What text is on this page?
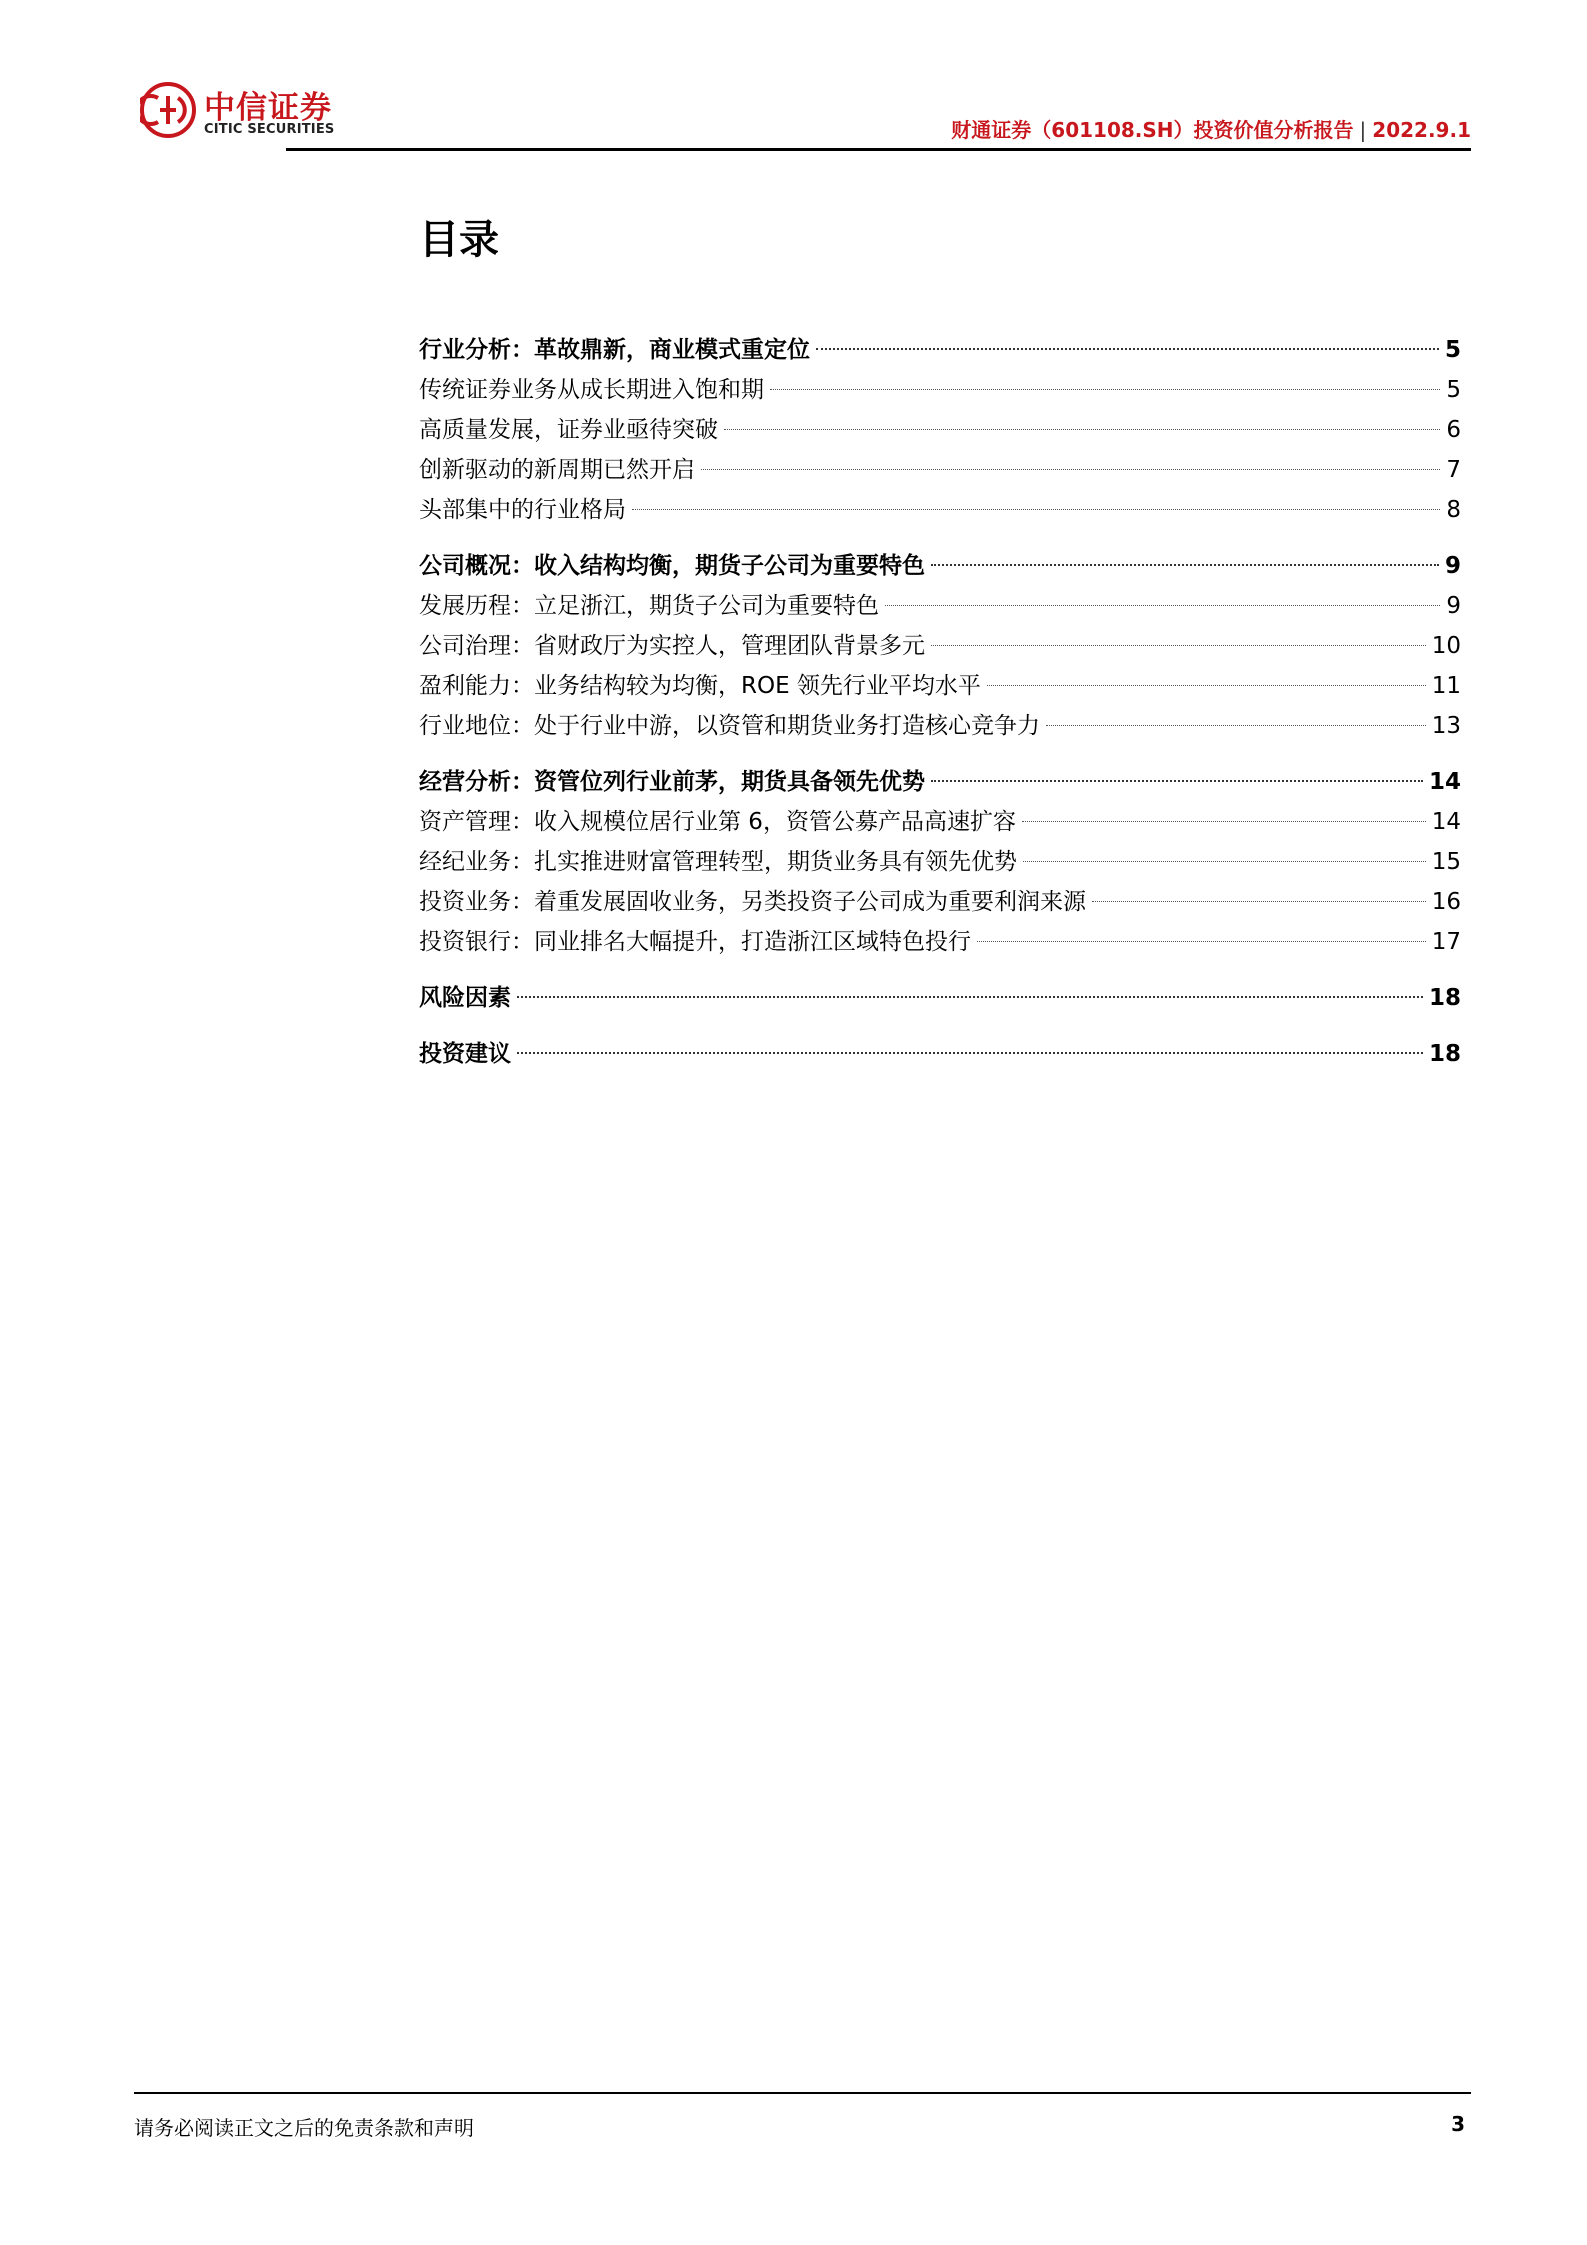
中信证券
CITIC SECURITIES	财通证券（601108.SH）投资价值分析报告 | 2022.9.1
目录
行业分析：革故鼎新，商业模式重定位	5
传统证券业务从成长期进入饱和期	5
高质量发展，证券业亟待突破	6
创新驱动的新周期已然开启	7
头部集中的行业格局	8
公司概况：收入结构均衡，期货子公司为重要特色	9
发展历程：立足浙江，期货子公司为重要特色	9
公司治理：省财政厅为实控人，管理团队背景多元	10
盈利能力：业务结构较为均衡，ROE 领先行业平均水平	11
行业地位：处于行业中游，以资管和期货业务打造核心竞争力	13
经营分析：资管位列行业前茅，期货具备领先优势	14
资产管理：收入规模位居行业第 6，资管公募产品高速扩容	14
经纪业务：扎实推进财富管理转型，期货业务具有领先优势	15
投资业务：着重发展固收业务，另类投资子公司成为重要利润来源	16
投资银行：同业排名大幅提升，打造浙江区域特色投行	17
风险因素	18
投资建议	18
请务必阅读正文之后的免责条款和声明	3
